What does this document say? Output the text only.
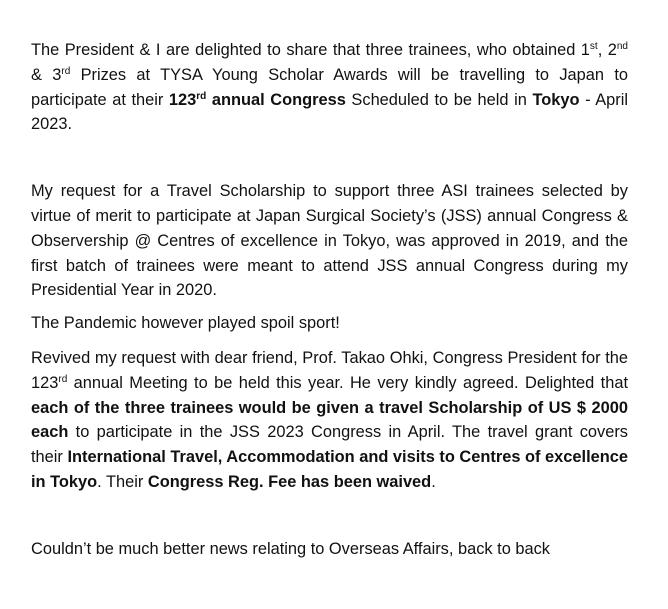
The President & I are delighted to share that three trainees, who obtained 1st, 2nd & 3rd Prizes at TYSA Young Scholar Awards will be travelling to Japan to participate at their 123rd annual Congress Scheduled to be held in Tokyo - April 2023.

My request for a Travel Scholarship to support three ASI trainees selected by virtue of merit to participate at Japan Surgical Society’s (JSS) annual Congress & Observership @ Centres of excellence in Tokyo, was approved in 2019, and the first batch of trainees were meant to attend JSS annual Congress during my Presidential Year in 2020.

The Pandemic however played spoil sport!

Revived my request with dear friend, Prof. Takao Ohki, Congress President for the 123rd annual Meeting to be held this year. He very kindly agreed. Delighted that each of the three trainees would be given a travel Scholarship of US $ 2000 each to participate in the JSS 2023 Congress in April. The travel grant covers their International Travel, Accommodation and visits to Centres of excellence in Tokyo. Their Congress Reg. Fee has been waived.

Couldn’t be much better news relating to Overseas Affairs, back to back
